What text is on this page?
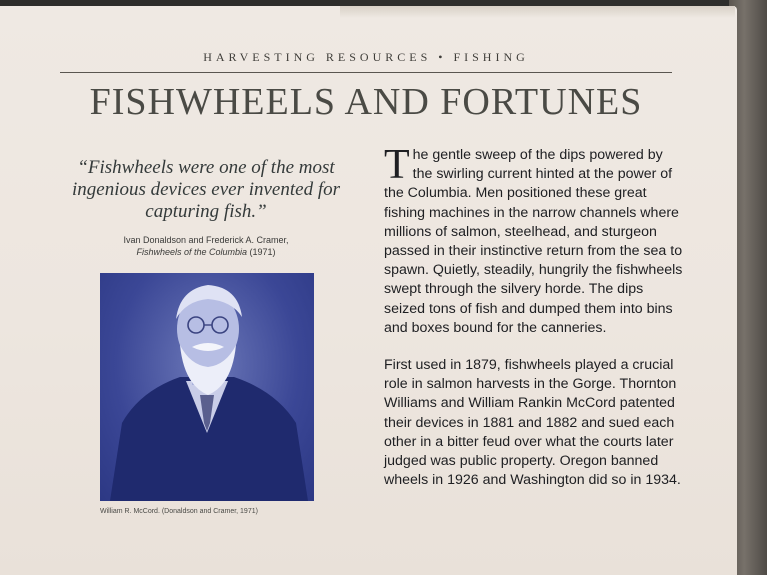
HARVESTING RESOURCES • FISHING
FISHWHEELS AND FORTUNES
“Fishwheels were one of the most ingenious devices ever invented for capturing fish.”
Ivan Donaldson and Frederick A. Cramer,
Fishwheels of the Columbia (1971)
William R. McCord. (Donaldson and Cramer, 1971)

The gentle sweep of the dips powered by the swirling current hinted at the power of the Columbia. Men positioned these great fishing machines in the narrow channels where millions of salmon, steelhead, and sturgeon passed in their instinctive return from the sea to spawn. Quietly, steadily, hungrily the fishwheels swept through the silvery horde. The dips seized tons of fish and dumped them into bins and boxes bound for the canneries.

First used in 1879, fishwheels played a crucial role in salmon harvests in the Gorge. Thornton Williams and William Rankin McCord patented their devices in 1881 and 1882 and sued each other in a bitter feud over what the courts later judged was public property. Oregon banned wheels in 1926 and Washington did so in 1934.
